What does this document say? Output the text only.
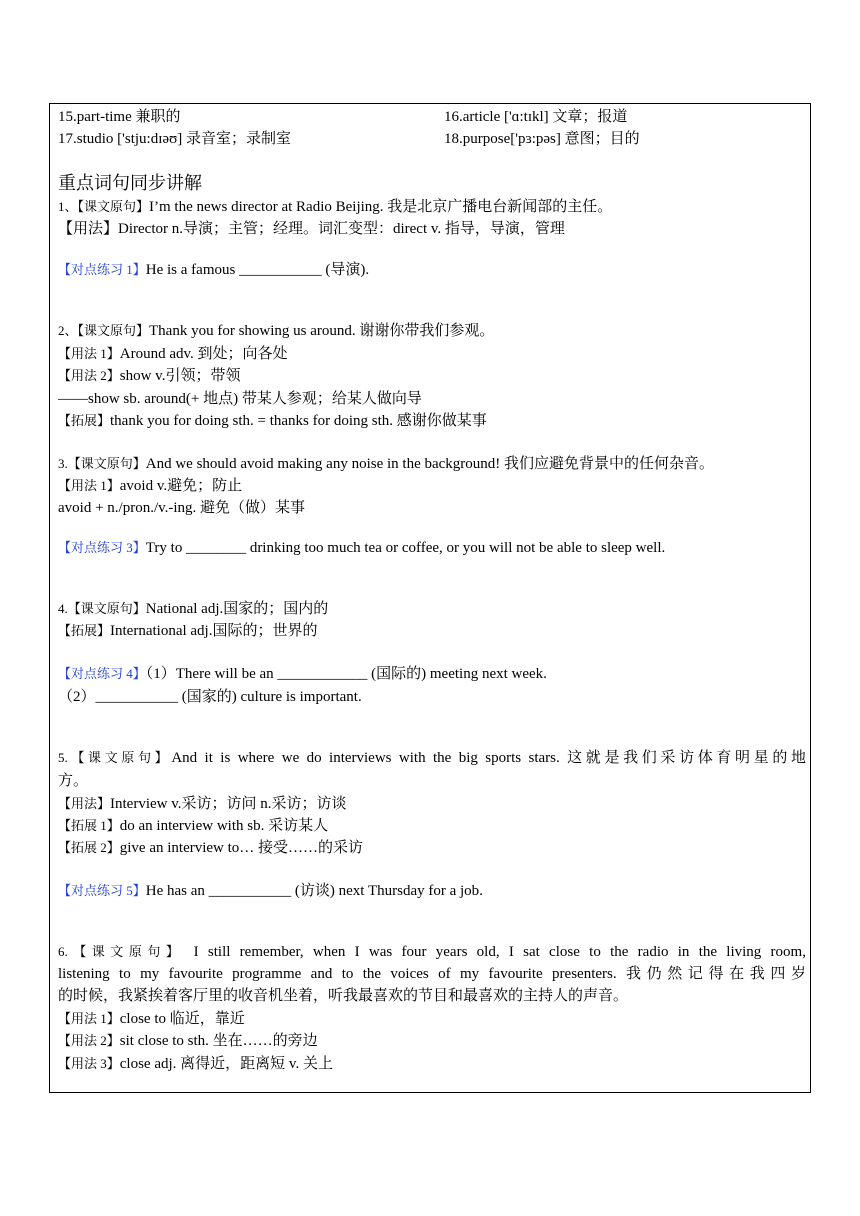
15.part-time 兼职的	16.article ['ɑ:tɪkl] 文章；报道
17.studio ['stju:dɪəʊ] 录音室；录制室	18.purpose['pɜ:pəs] 意图；目的
重点词句同步讲解
1、【课文原句】I’m the news director at Radio Beijing. 我是北京广播电台新闻部的主任。
【用法】Director n.导演；主管；经理。词汇变型：direct v. 指导，导演，管理
【对点练习 1】He is a famous ___________ (导演).
2、【课文原句】Thank you for showing us around. 谢谢你带我们参观。
【用法 1】Around adv. 到处；向各处
【用法 2】show v.引领；带领
——show sb. around(+ 地点) 带某人参观；给某人做向导
【拓展】thank you for doing sth. = thanks for doing sth. 感谢你做某事
3.【课文原句】And we should avoid making any noise in the background! 我们应避免背景中的任何杂音。
【用法 1】avoid v.避免；防止
avoid + n./pron./v.-ing. 避免（做）某事
【对点练习 3】Try to ________ drinking too much tea or coffee, or you will not be able to sleep well.
4.【课文原句】National adj.国家的；国内的
【拓展】International adj.国际的；世界的
【对点练习 4】（1）There will be an ____________ (国际的) meeting next week.
（2）___________ (国家的) culture is important.
5.【课文原句】And it is where we do interviews with the big sports stars. 这就是我们采访体育明星的地
方。
【用法】Interview v.采访；访问 n.采访；访谈
【拓展 1】do an interview with sb. 采访某人
【拓展 2】give an interview to… 接受……的采访
【对点练习 5】He has an ___________ (访谈) next Thursday for a job.
6.【课文原句】 I still remember, when I was four years old, I sat close to the radio in the living room,
listening to my favourite programme and to the voices of my favourite presenters. 我仍然记得在我四岁
的时候，我紧挨着客厅里的收音机坐着，听我最喜欢的节目和最喜欢的主持人的声音。
【用法 1】close to 临近，靠近
【用法 2】sit close to sth. 坐在……的旁边
【用法 3】close adj. 离得近，距离短 v. 关上
